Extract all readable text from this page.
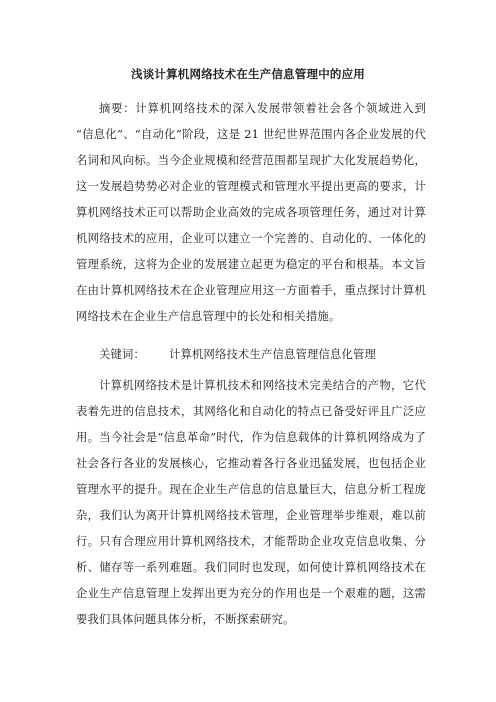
浅谈计算机网络技术在生产信息管理中的应用
摘要：计算机网络技术的深入发展带领着社会各个领域进入到
“信息化”、“自动化”阶段，这是 21 世纪世界范围内各企业发展的代
名词和风向标。当今企业规模和经营范围都呈现扩大化发展趋势化，
这一发展趋势势必对企业的管理模式和管理水平提出更高的要求，计
算机网络技术正可以帮助企业高效的完成各项管理任务，通过对计算
机网络技术的应用，企业可以建立一个完善的、自动化的、一体化的
管理系统，这将为企业的发展建立起更为稳定的平台和根基。本文旨
在由计算机网络技术在企业管理应用这一方面着手，重点探讨计算机
网络技术在企业生产信息管理中的长处和相关措施。
关键词： 计算机网络技术生产信息管理信息化管理
计算机网络技术是计算机技术和网络技术完美结合的产物，它代
表着先进的信息技术，其网络化和自动化的特点已备受好评且广泛应
用。当今社会是“信息革命”时代，作为信息载体的计算机网络成为了
社会各行各业的发展核心，它推动着各行各业迅猛发展，也包括企业
管理水平的提升。现在企业生产信息的信息量巨大，信息分析工程庞
杂，我们认为离开计算机网络技术管理，企业管理举步维艰，难以前
行。只有合理应用计算机网络技术，才能帮助企业攻克信息收集、分
析、储存等一系列难题。我们同时也发现，如何使计算机网络技术在
企业生产信息管理上发挥出更为充分的作用也是一个艰难的题，这需
要我们具体问题具体分析，不断探索研究。
